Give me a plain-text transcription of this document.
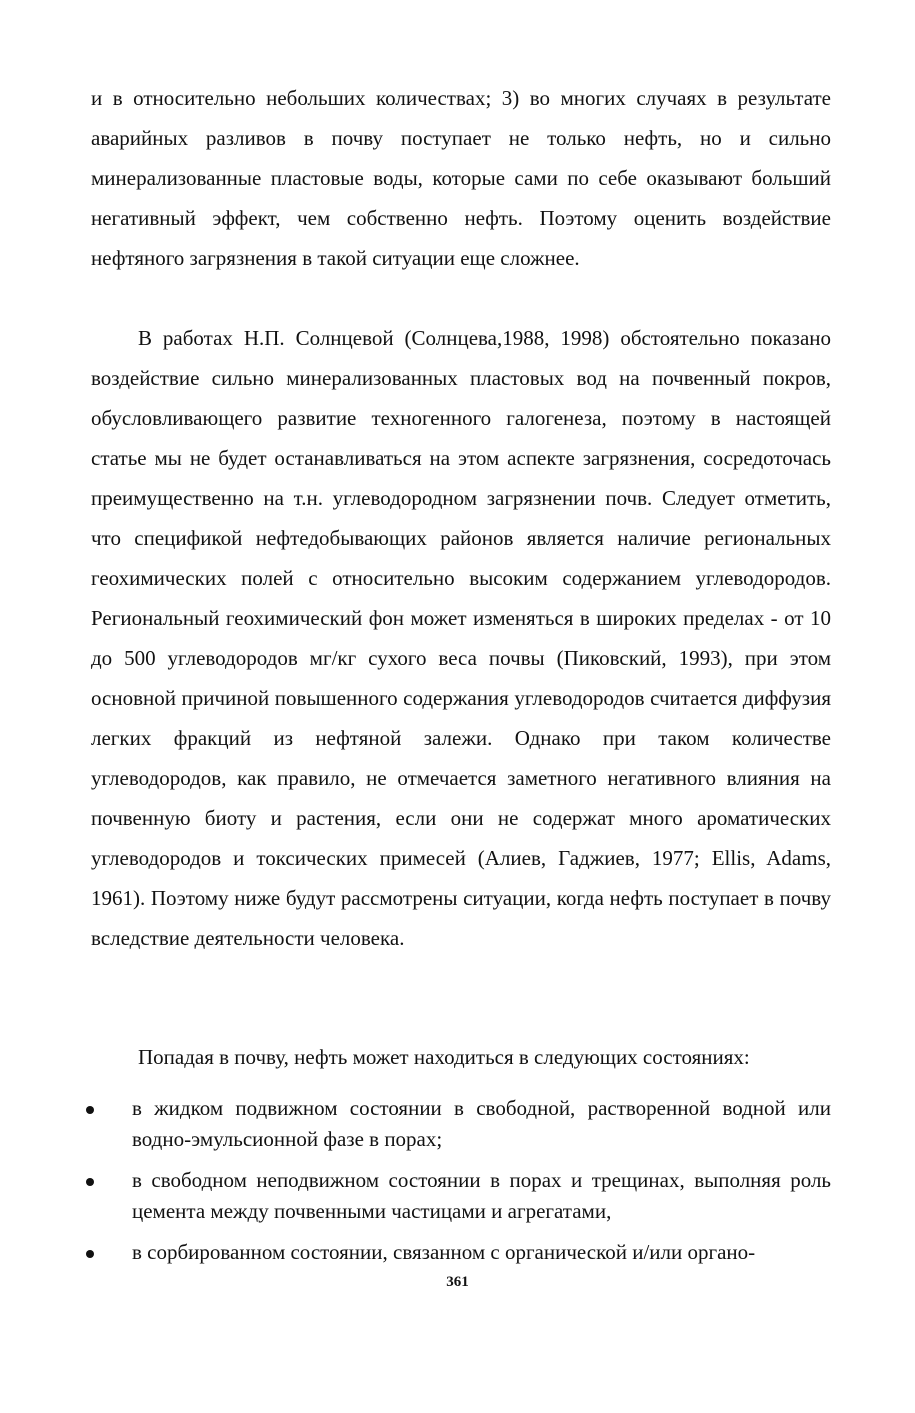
и в относительно небольших количествах; 3) во многих случаях в результате аварийных разливов в почву поступает не только нефть, но и сильно минерализованные пластовые воды, которые сами по себе оказывают больший негативный эффект, чем собственно нефть. Поэтому оценить воздействие нефтяного загрязнения в такой ситуации еще сложнее.

В работах Н.П. Солнцевой (Солнцева,1988, 1998) обстоятельно показано воздействие сильно минерализованных пластовых вод на почвенный покров, обусловливающего развитие техногенного галогенеза, поэтому в настоящей статье мы не будет останавливаться на этом аспекте загрязнения, сосредоточась преимущественно на т.н. углеводородном загрязнении почв. Следует отметить, что спецификой нефтедобывающих районов является наличие региональных геохимических полей с относительно высоким содержанием углеводородов. Региональный геохимический фон может изменяться в широких пределах - от 10 до 500 углеводородов мг/кг сухого веса почвы (Пиковский, 1993), при этом основной причиной повышенного содержания углеводородов считается диффузия легких фракций из нефтяной залежи. Однако при таком количестве углеводородов, как правило, не отмечается заметного негативного влияния на почвенную биоту и растения, если они не содержат много ароматических углеводородов и токсических примесей (Алиев, Гаджиев, 1977; Ellis, Adams, 1961). Поэтому ниже будут рассмотрены ситуации, когда нефть поступает в почву вследствие деятельности человека.

Попадая в почву, нефть может находиться в следующих состояниях:

в жидком подвижном состоянии в свободной, растворенной водной или водно-эмульсионной фазе в порах;
в свободном неподвижном состоянии в порах и трещинах, выполняя роль цемента между почвенными частицами и агрегатами,
в сорбированном состоянии, связанном с органической и/или органо-
361
